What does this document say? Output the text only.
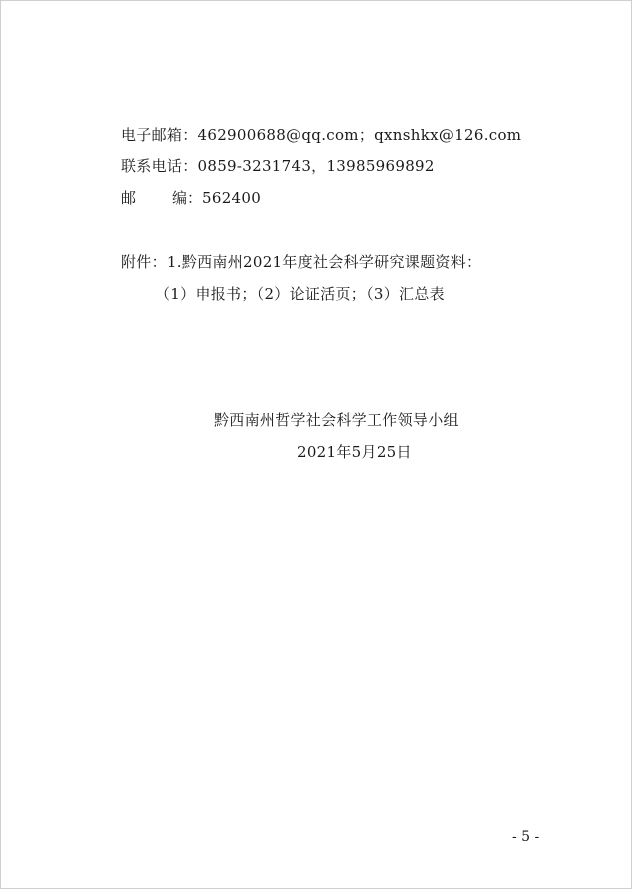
电子邮箱：462900688@qq.com；qxnshkx@126.com
联系电话：0859-3231743，13985969892
邮 编：562400
附件：1.黔西南州2021年度社会科学研究课题资料：
（1）申报书；（2）论证活页；（3）汇总表
黔西南州哲学社会科学工作领导小组
2021年5月25日
- 5 -
